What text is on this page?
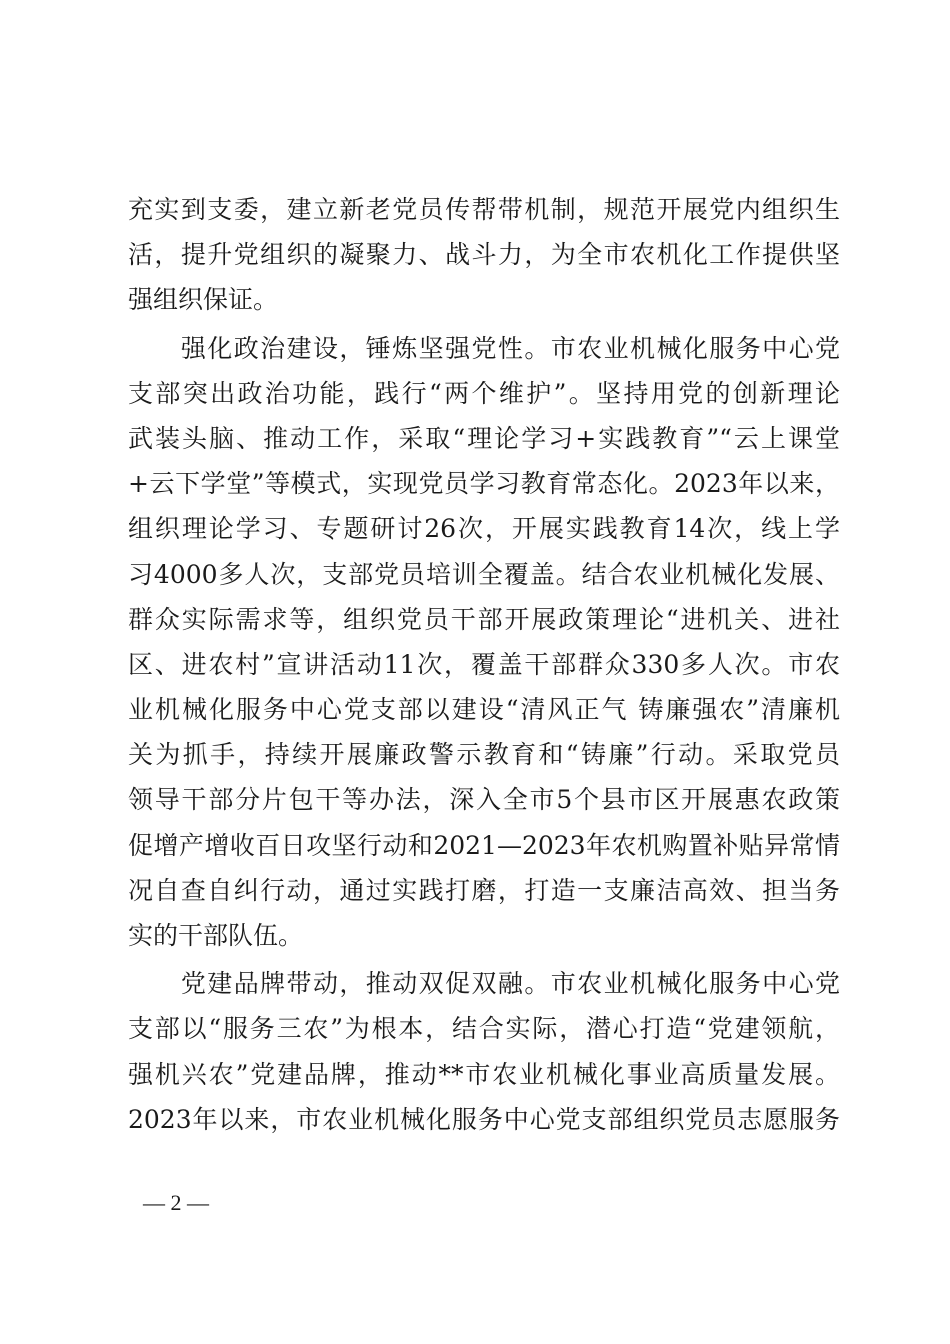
充实到支委，建立新老党员传帮带机制，规范开展党内组织生
活，提升党组织的凝聚力、战斗力，为全市农机化工作提供坚
强组织保证。
　　强化政治建设，锤炼坚强党性。市农业机械化服务中心党
支部突出政治功能，践行“两个维护”。坚持用党的创新理论
武装头脑、推动工作，采取“理论学习+实践教育”“云上课堂
+云下学堂”等模式，实现党员学习教育常态化。2023年以来，
组织理论学习、专题研讨26次，开展实践教育14次，线上学
习4000多人次，支部党员培训全覆盖。结合农业机械化发展、
群众实际需求等，组织党员干部开展政策理论“进机关、进社
区、进农村”宣讲活动11次，覆盖干部群众330多人次。市农
业机械化服务中心党支部以建设“清风正气 铸廉强农”清廉机
关为抓手，持续开展廉政警示教育和“铸廉”行动。采取党员
领导干部分片包干等办法，深入全市5个县市区开展惠农政策
促增产增收百日攻坚行动和2021—2023年农机购置补贴异常情
况自查自纠行动，通过实践打磨，打造一支廉洁高效、担当务
实的干部队伍。
　　党建品牌带动，推动双促双融。市农业机械化服务中心党
支部以“服务三农”为根本，结合实际，潜心打造“党建领航，
强机兴农”党建品牌，推动**市农业机械化事业高质量发展。
2023年以来，市农业机械化服务中心党支部组织党员志愿服务
— 2 —
